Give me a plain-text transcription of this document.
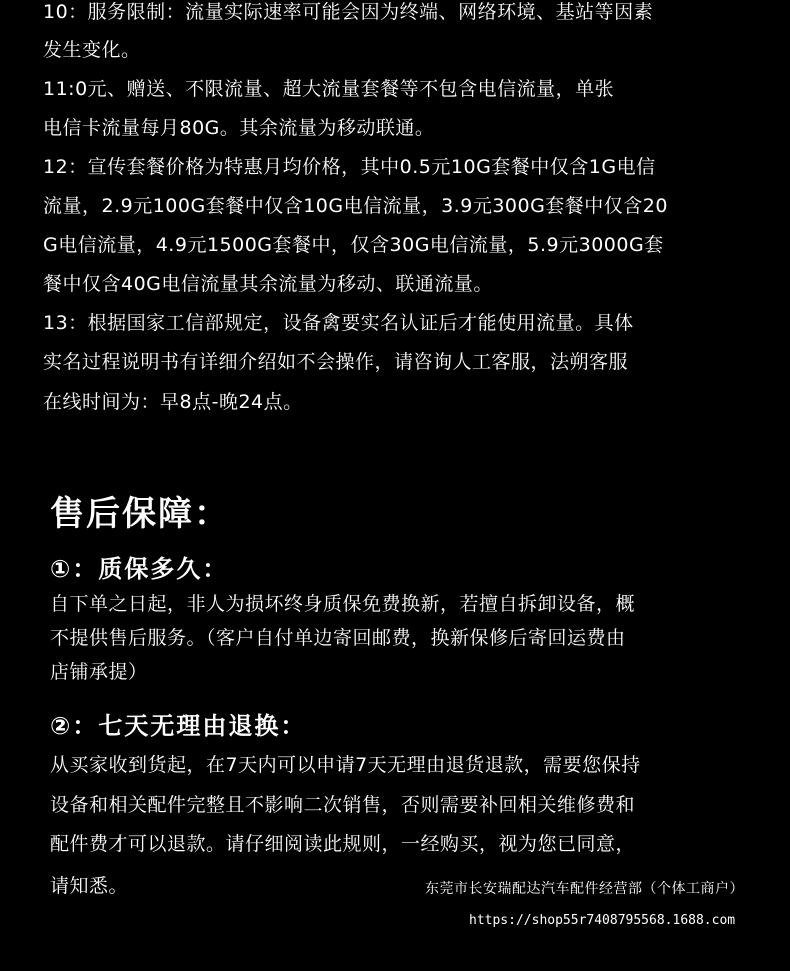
10：服务限制：流量实际速率可能会因为终端、网络环境、基站等因素
发生变化。
11:0元、赠送、不限流量、超大流量套餐等不包含电信流量，单张
电信卡流量每月80G。其余流量为移动联通。
12：宣传套餐价格为特惠月均价格，其中0.5元10G套餐中仅含1G电信
流量，2.9元100G套餐中仅含10G电信流量，3.9元300G套餐中仅含20
G电信流量，4.9元1500G套餐中，仅含30G电信流量，5.9元3000G套
餐中仅含40G电信流量其余流量为移动、联通流量。
13：根据国家工信部规定，设备禽要实名认证后才能使用流量。具体
实名过程说明书有详细介绍如不会操作，请咨询人工客服，法朔客服
在线时间为：早8点-晚24点。
售后保障：
①：质保多久：
自下单之日起，非人为损坏终身质保免费换新，若擅自拆卸设备，概
不提供售后服务。（客户自付单边寄回邮费，换新保修后寄回运费由
店铺承提）
②：七天无理由退换：
从买家收到货起，在7天内可以申请7天无理由退货退款，需要您保持
设备和相关配件完整且不影响二次销售，否则需要补回相关维修费和
配件费才可以退款。请仔细阅读此规则，一经购买，视为您已同意，
请知悉。	东莞市长安瑞配达汽车配件经营部（个体工商户）
https://shop55r7408795568.1688.com
